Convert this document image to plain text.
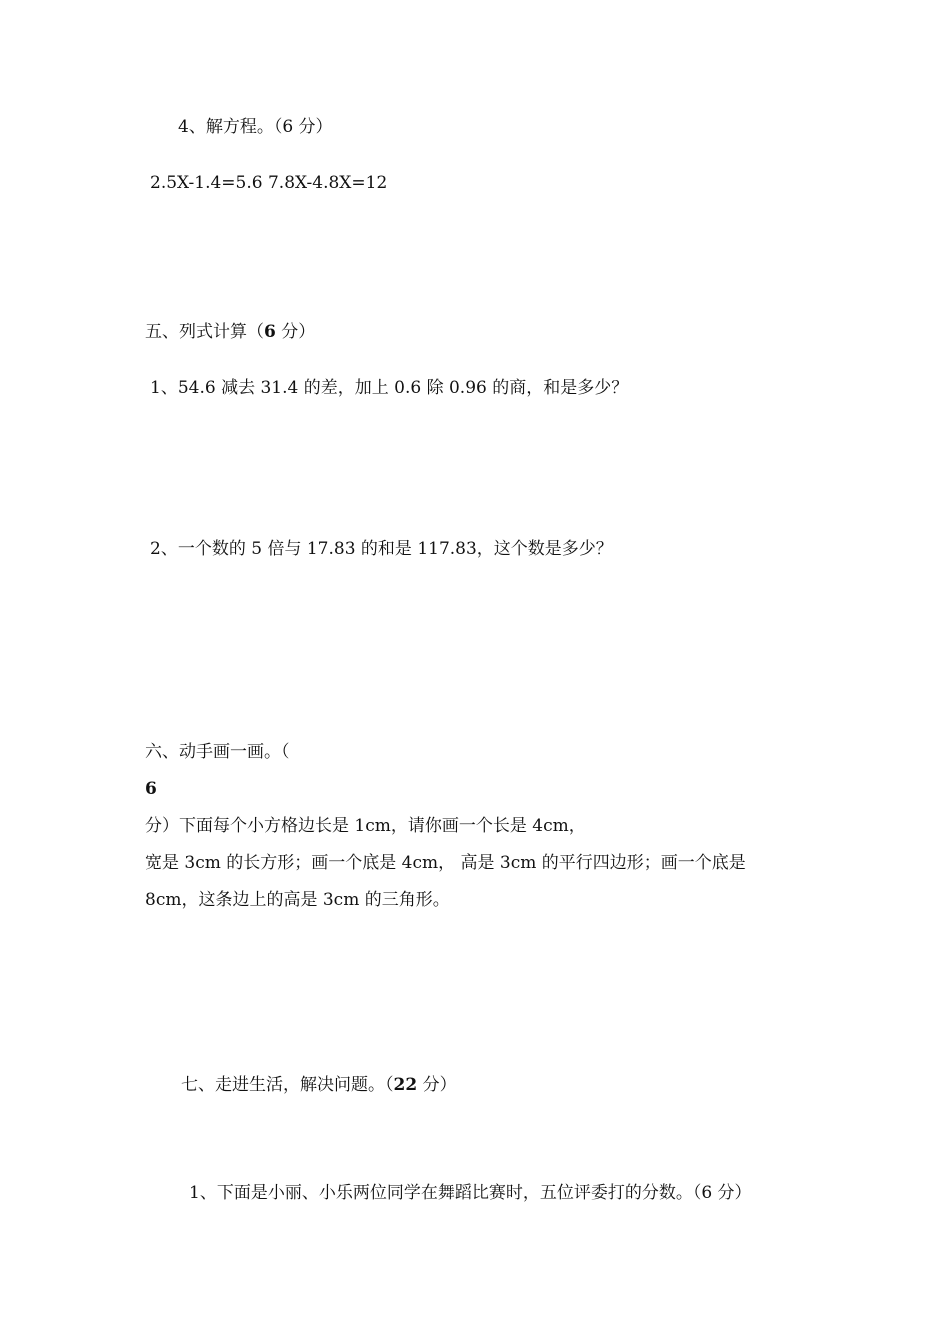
4、解方程。（6 分）
2.5X-1.4=5.6 7.8X-4.8X=12
五、列式计算（6 分）
1、54.6 减去 31.4 的差，加上 0.6 除 0.96 的商，和是多少？
2、一个数的 5 倍与 17.83 的和是 117.83，这个数是多少？
六、动手画一画。（
6
分）下面每个小方格边长是 1cm，请你画一个长是 4cm，
宽是 3cm 的长方形；画一个底是 4cm， 高是 3cm 的平行四边形；画一个底是
8cm，这条边上的高是 3cm 的三角形。
七、走进生活，解决问题。（22 分）
1、下面是小丽、小乐两位同学在舞蹈比赛时，五位评委打的分数。（6 分）
